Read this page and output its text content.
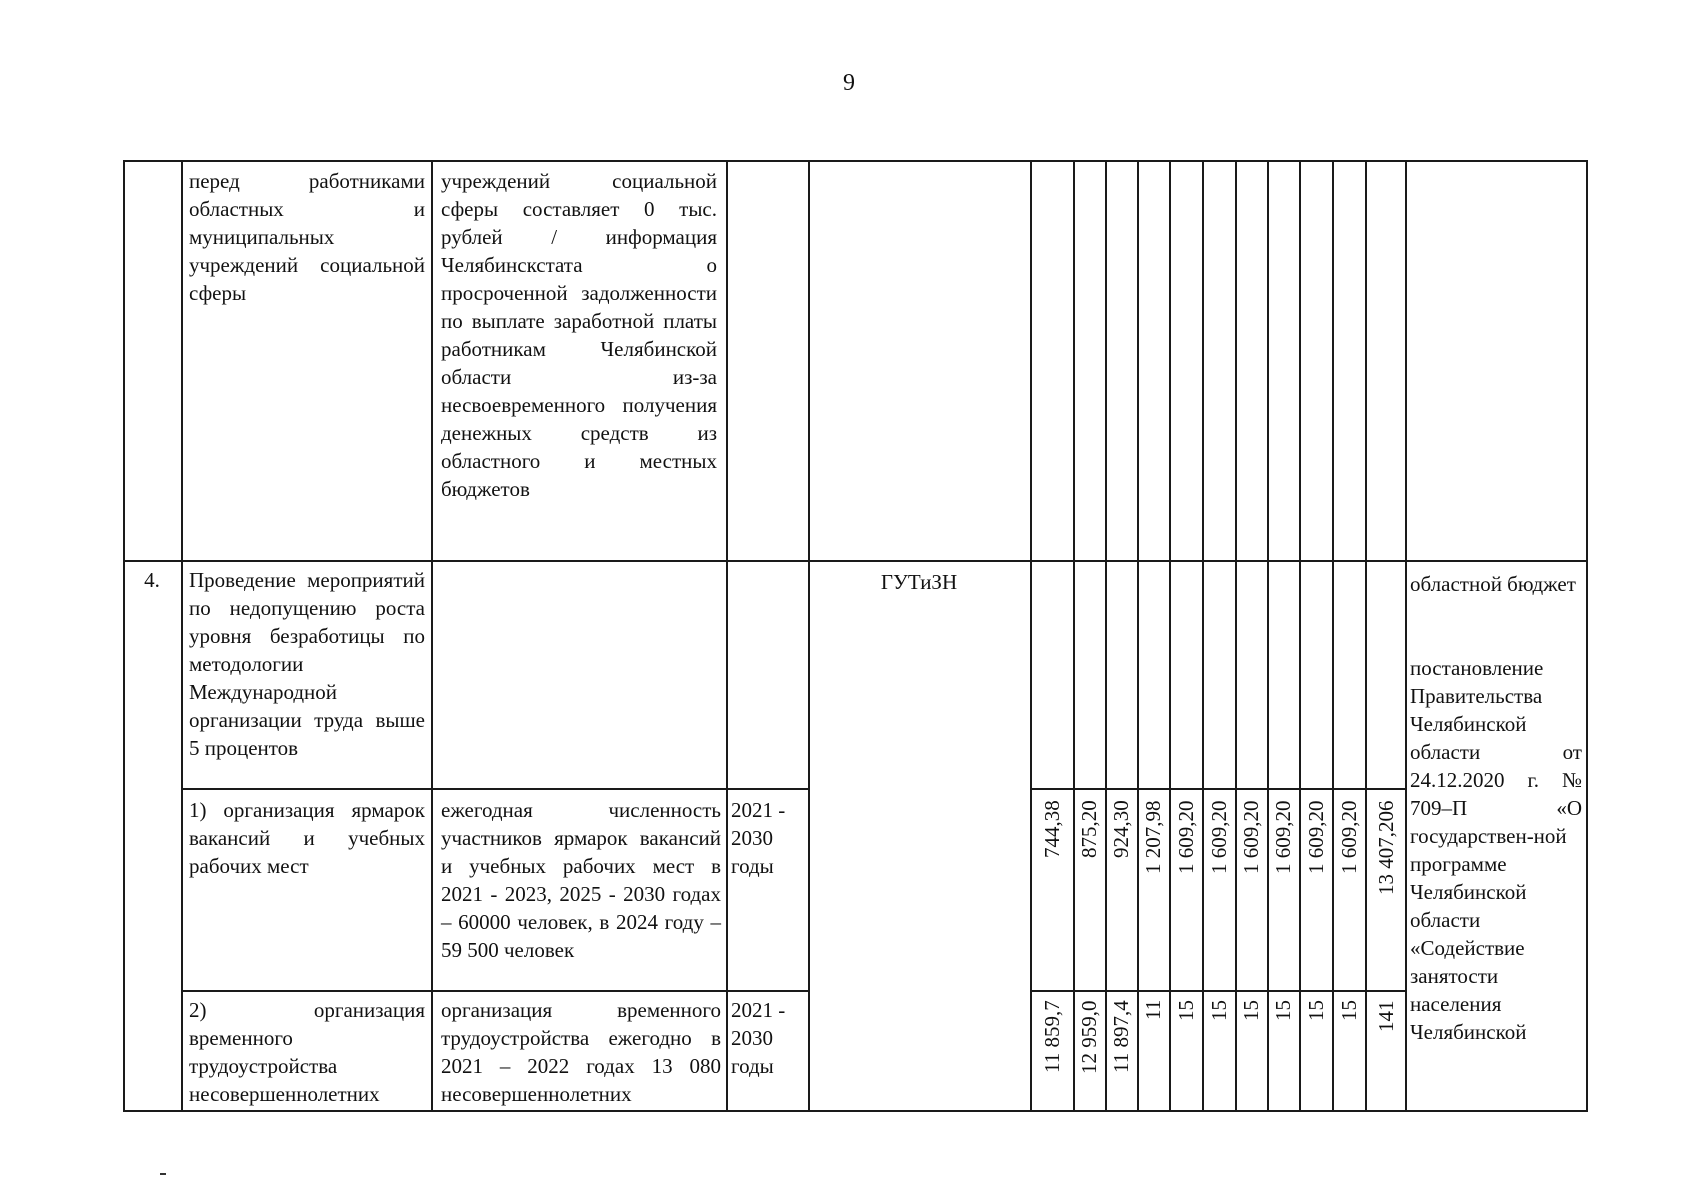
9
перед работниками областных и муниципальных учреждений социальной сферы
учреждений социальной сферы составляет 0 тыс. рублей / информация Челябинскстата о просроченной задолженности по выплате заработной платы работникам Челябинской области из-за несвоевременного получения денежных средств из областного и местных бюджетов
4.	Проведение мероприятий по недопущению роста уровня безработицы по методологии Международной организации труда выше 5 процентов
ГУТиЗН	областной бюджет
постановление Правительства Челябинской области от 24.12.2020 г. № 709–П «О государствен-ной программе Челябинской области «Содействие занятости населения Челябинской
1) организация ярмарок вакансий и учебных рабочих мест
ежегодная численность участников ярмарок вакансий и учебных рабочих мест в 2021 - 2023, 2025 - 2030 годах – 60000 человек, в 2024 году – 59 500 человек
2021 - 2030 годы
2) организация временного трудоустройства несовершеннолетних
организация временного трудоустройства ежегодно в 2021 – 2022 годах 13 080 несовершеннолетних
2021 - 2030 годы
744,38 875,20 924,30 1 207,98 1 609,20 1 609,20 1 609,20 1 609,20 1 609,20 1 609,20 13 407,206
11 859,7 12 959,0 11 897,4 11 15 15 15 15 15 15 141
